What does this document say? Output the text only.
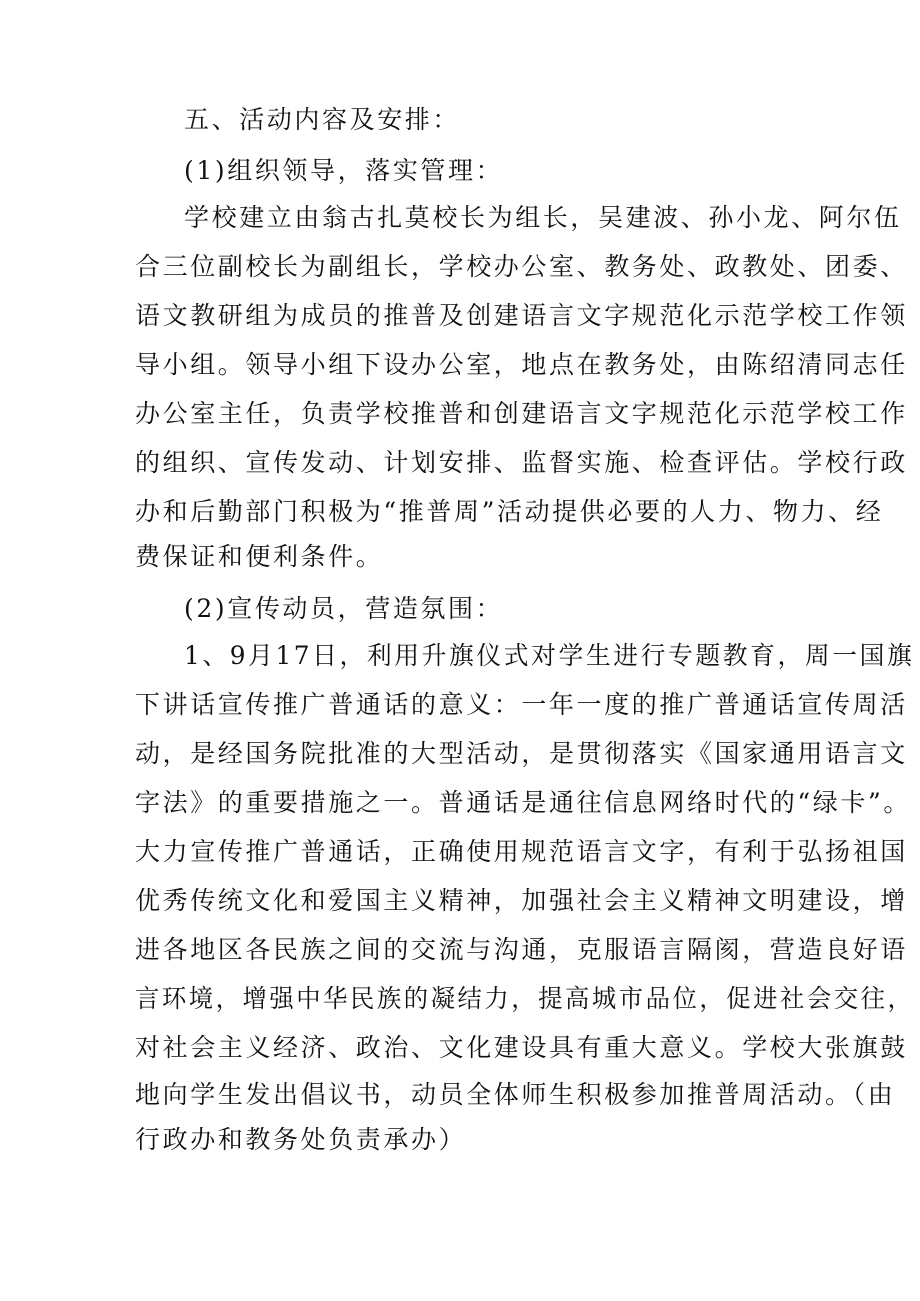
五、活动内容及安排：
(1)组织领导，落实管理：
学校建立由翁古扎莫校长为组长，吴建波、孙小龙、阿尔伍
合三位副校长为副组长，学校办公室、教务处、政教处、团委、
语文教研组为成员的推普及创建语言文字规范化示范学校工作领
导小组。领导小组下设办公室，地点在教务处，由陈绍清同志任
办公室主任，负责学校推普和创建语言文字规范化示范学校工作
的组织、宣传发动、计划安排、监督实施、检查评估。学校行政
办和后勤部门积极为“推普周”活动提供必要的人力、物力、经
费保证和便利条件。
(2)宣传动员，营造氛围：
1、9月17日，利用升旗仪式对学生进行专题教育，周一国旗
下讲话宣传推广普通话的意义：一年一度的推广普通话宣传周活
动，是经国务院批准的大型活动，是贯彻落实《国家通用语言文
字法》的重要措施之一。普通话是通往信息网络时代的“绿卡”。
大力宣传推广普通话，正确使用规范语言文字，有利于弘扬祖国
优秀传统文化和爱国主义精神，加强社会主义精神文明建设，增
进各地区各民族之间的交流与沟通，克服语言隔阂，营造良好语
言环境，增强中华民族的凝结力，提高城市品位，促进社会交往，
对社会主义经济、政治、文化建设具有重大意义。学校大张旗鼓
地向学生发出倡议书，动员全体师生积极参加推普周活动。（由
行政办和教务处负责承办）
